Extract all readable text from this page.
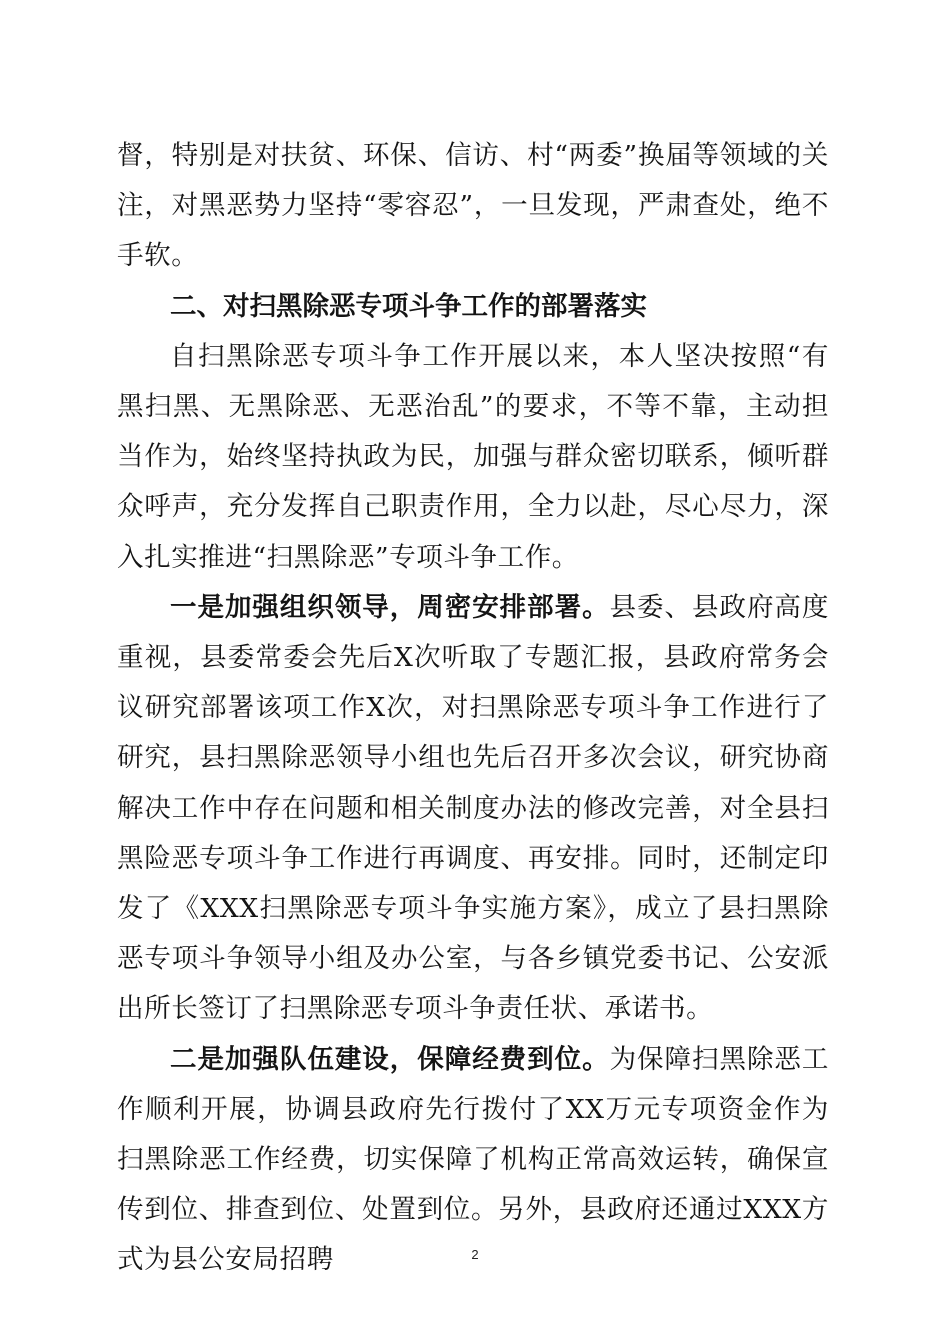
督，特别是对扶贫、环保、信访、村“两委”换届等领域的关注，对黑恶势力坚持“零容忍”，一旦发现，严肃查处，绝不手软。

二、对扫黑除恶专项斗争工作的部署落实

自扫黑除恶专项斗争工作开展以来，本人坚决按照“有黑扫黑、无黑除恶、无恶治乱”的要求，不等不靠，主动担当作为，始终坚持执政为民，加强与群众密切联系，倾听群众呼声，充分发挥自己职责作用，全力以赴，尽心尽力，深入扎实推进“扫黑除恶”专项斗争工作。

一是加强组织领导，周密安排部署。县委、县政府高度重视，县委常委会先后X次听取了专题汇报，县政府常务会议研究部署该项工作X次，对扫黑除恶专项斗争工作进行了研究，县扫黑除恶领导小组也先后召开多次会议，研究协商解决工作中存在问题和相关制度办法的修改完善，对全县扫黑险恶专项斗争工作进行再调度、再安排。同时，还制定印发了《XXX扫黑除恶专项斗争实施方案》，成立了县扫黑除恶专项斗争领导小组及办公室，与各乡镇党委书记、公安派出所长签订了扫黑除恶专项斗争责任状、承诺书。

二是加强队伍建设，保障经费到位。为保障扫黑除恶工作顺利开展，协调县政府先行拨付了XX万元专项资金作为扫黑除恶工作经费，切实保障了机构正常高效运转，确保宣传到位、排查到位、处置到位。另外，县政府还通过XXX方式为县公安局招聘	2
